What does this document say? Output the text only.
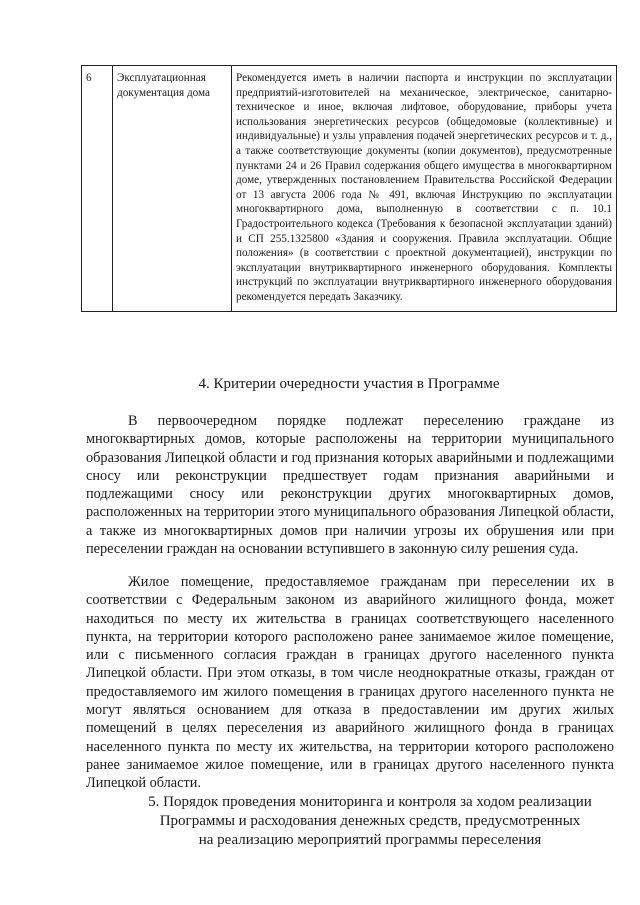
6	Эксплуатационная документация дома	Рекомендуется иметь в наличии паспорта и инструкции по эксплуатации предприятий-изготовителей на механическое, электрическое, санитарно-техническое и иное, включая лифтовое, оборудование, приборы учета использования энергетических ресурсов (общедомовые (коллективные) и индивидуальные) и узлы управления подачей энергетических ресурсов и т. д., а также соответствующие документы (копии документов), предусмотренные пунктами 24 и 26 Правил содержания общего имущества в многоквартирном доме, утвержденных постановлением Правительства Российской Федерации от 13 августа 2006 года № 491, включая Инструкцию по эксплуатации многоквартирного дома, выполненную в соответствии с п. 10.1 Градостроительного кодекса (Требования к безопасной эксплуатации зданий) и СП 255.1325800 «Здания и сооружения. Правила эксплуатации. Общие положения» (в соответствии с проектной документацией), инструкции по эксплуатации внутриквартирного инженерного оборудования. Комплекты инструкций по эксплуатации внутриквартирного инженерного оборудования рекомендуется передать Заказчику.
4. Критерии очередности участия в Программе

В первоочередном порядке подлежат переселению граждане из многоквартирных домов, которые расположены на территории муниципального образования Липецкой области и год признания которых аварийными и подлежащими сносу или реконструкции предшествует годам признания аварийными и подлежащими сносу или реконструкции других многоквартирных домов, расположенных на территории этого муниципального образования Липецкой области, а также из многоквартирных домов при наличии угрозы их обрушения или при переселении граждан на основании вступившего в законную силу решения суда.

Жилое помещение, предоставляемое гражданам при переселении их в соответствии с Федеральным законом из аварийного жилищного фонда, может находиться по месту их жительства в границах соответствующего населенного пункта, на территории которого расположено ранее занимаемое жилое помещение, или с письменного согласия граждан в границах другого населенного пункта Липецкой области. При этом отказы, в том числе неоднократные отказы, граждан от предоставляемого им жилого помещения в границах другого населенного пункта не могут являться основанием для отказа в предоставлении им других жилых помещений в целях переселения из аварийного жилищного фонда в границах населенного пункта по месту их жительства, на территории которого расположено ранее занимаемое жилое помещение, или в границах другого населенного пункта Липецкой области.

5. Порядок проведения мониторинга и контроля за ходом реализации
Программы и расходования денежных средств, предусмотренных
на реализацию мероприятий программы переселения
